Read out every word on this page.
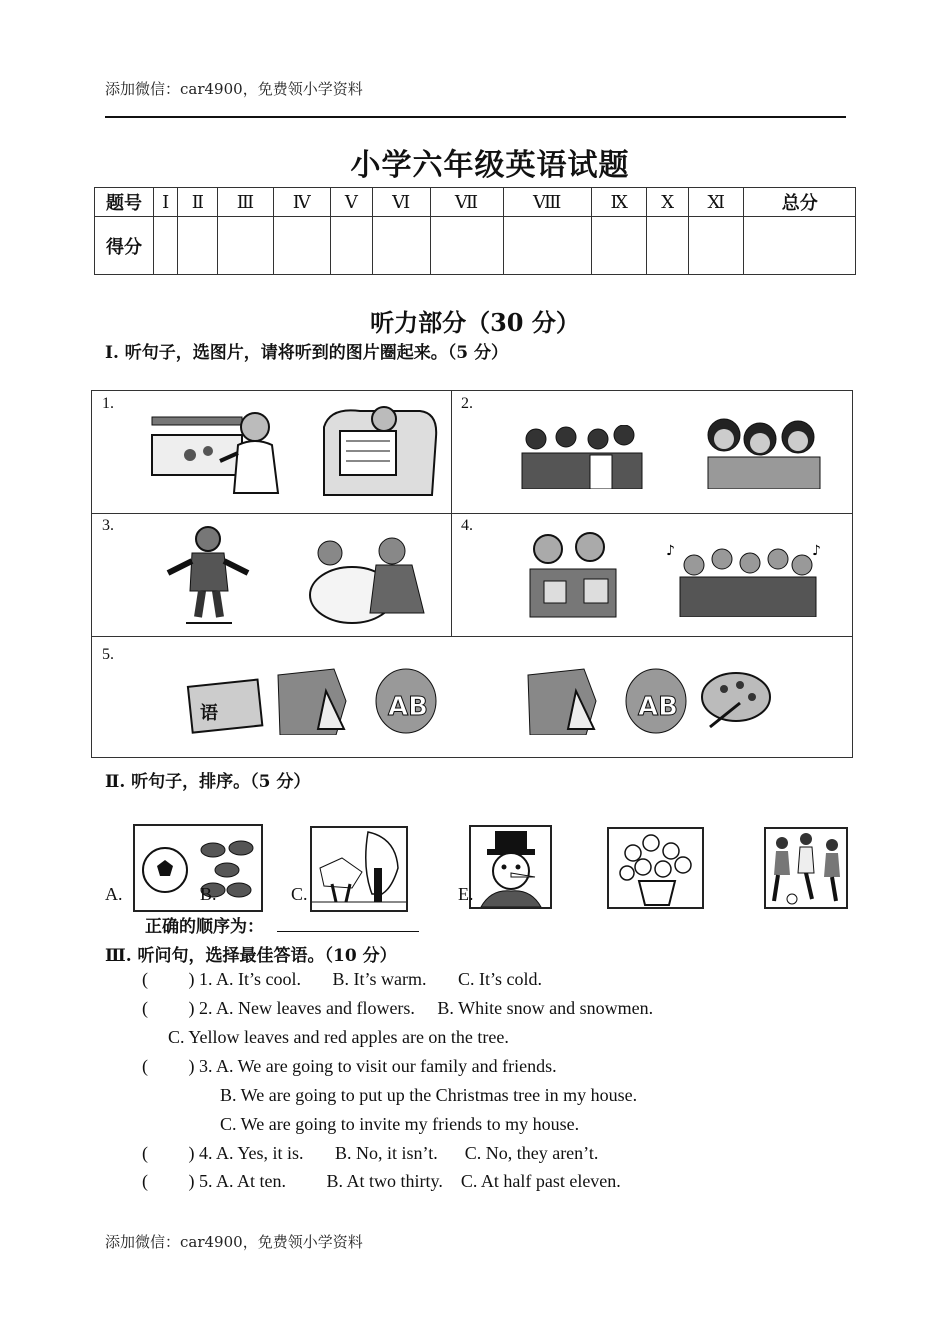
添加微信：car4900，免费领小学资料
小学六年级英语试题
题号	Ⅰ	Ⅱ	Ⅲ	Ⅳ	Ⅴ	Ⅵ	Ⅶ	Ⅷ	Ⅸ	Ⅹ	Ⅺ	总分
得分												
听力部分（30 分）
I. 听句子，选图片，请将听到的图片圈起来。（5 分）
1.	2.
3.	4.
5.
♪	♪
语	AB	AB
Ⅱ. 听句子，排序。（5 分）
A.	B.	C.	E.
正确的顺序为：
Ⅲ. 听问句，选择最佳答语。（10 分）
(         ) 1. A. It’s cool.       B. It’s warm.       C. It’s cold.
(         ) 2. A. New leaves and flowers.     B. White snow and snowmen.
C. Yellow leaves and red apples are on the tree.
(         ) 3. A. We are going to visit our family and friends.
B. We are going to put up the Christmas tree in my house.
C. We are going to invite my friends to my house.
(         ) 4. A. Yes, it is.       B. No, it isn’t.      C. No, they aren’t.
(         ) 5. A. At ten.         B. At two thirty.    C. At half past eleven.
添加微信：car4900，免费领小学资料
